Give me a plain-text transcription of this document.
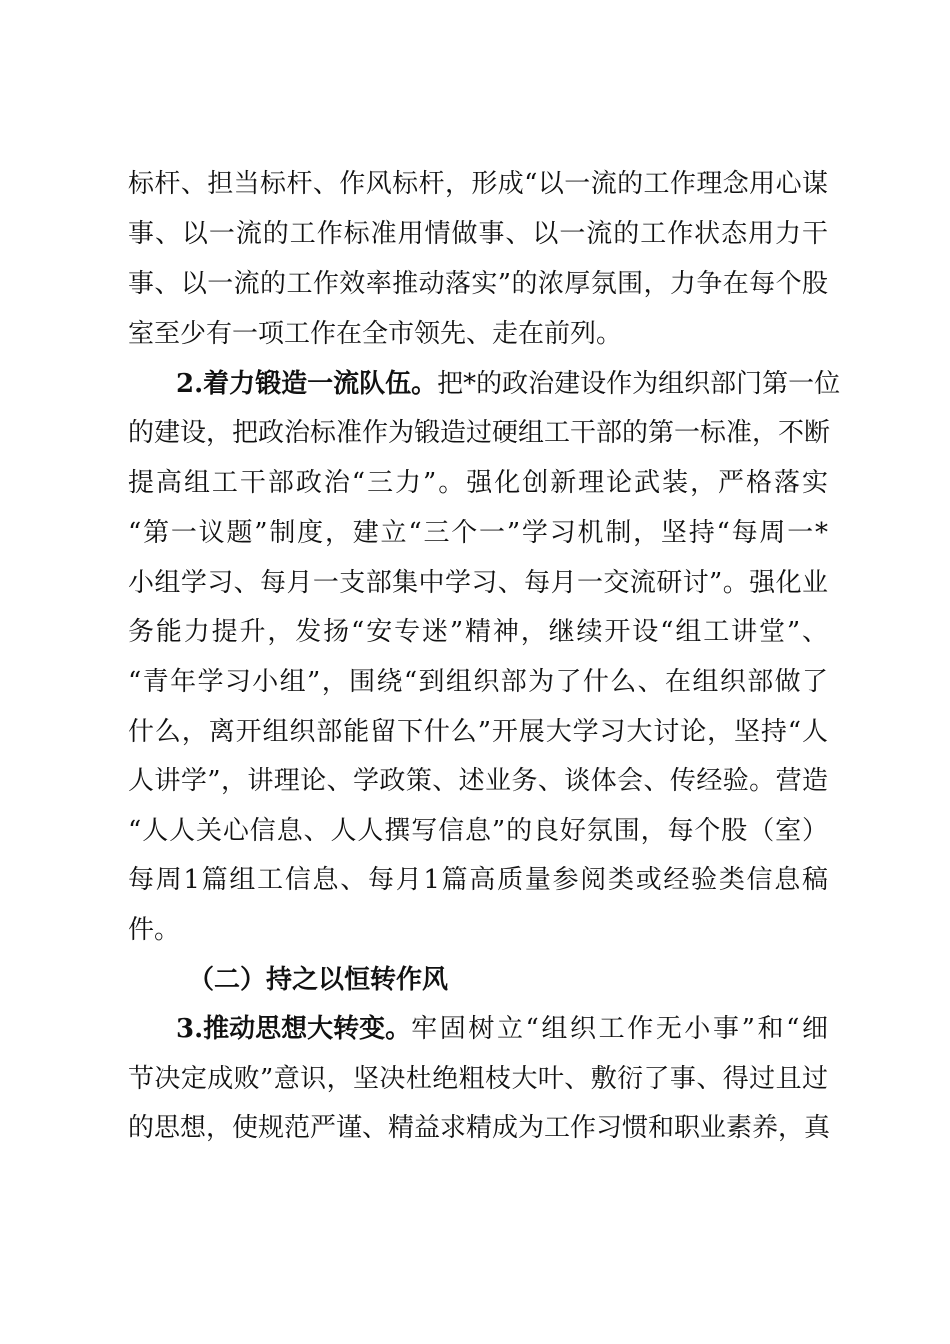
标杆、担当标杆、作风标杆，形成“以一流的工作理念用心谋
事、以一流的工作标准用情做事、以一流的工作状态用力干
事、以一流的工作效率推动落实”的浓厚氛围，力争在每个股
室至少有一项工作在全市领先、走在前列。
2.着力锻造一流队伍。 把*的政治建设作为组织部门第一位
的建设，把政治标准作为锻造过硬组工干部的第一标准，不断
提高组工干部政治“三力”。强化创新理论武装，严格落实
“第一议题”制度，建立“三个一”学习机制，坚持“每周一*
小组学习、每月一支部集中学习、每月一交流研讨”。强化业
务能力提升，发扬“安专迷”精神，继续开设“组工讲堂”、
“青年学习小组”，围绕“到组织部为了什么、在组织部做了
什么，离开组织部能留下什么”开展大学习大讨论，坚持“人
人讲学”，讲理论、学政策、述业务、谈体会、传经验。营造
“人人关心信息、人人撰写信息”的良好氛围，每个股（室）
每周1篇组工信息、每月1篇高质量参阅类或经验类信息稿
件。
（二）持之以恒转作风
3.推动思想大转变。 牢固树立“组织工作无小事”和“细
节决定成败”意识，坚决杜绝粗枝大叶、敷衍了事、得过且过
的思想，使规范严谨、精益求精成为工作习惯和职业素养，真
